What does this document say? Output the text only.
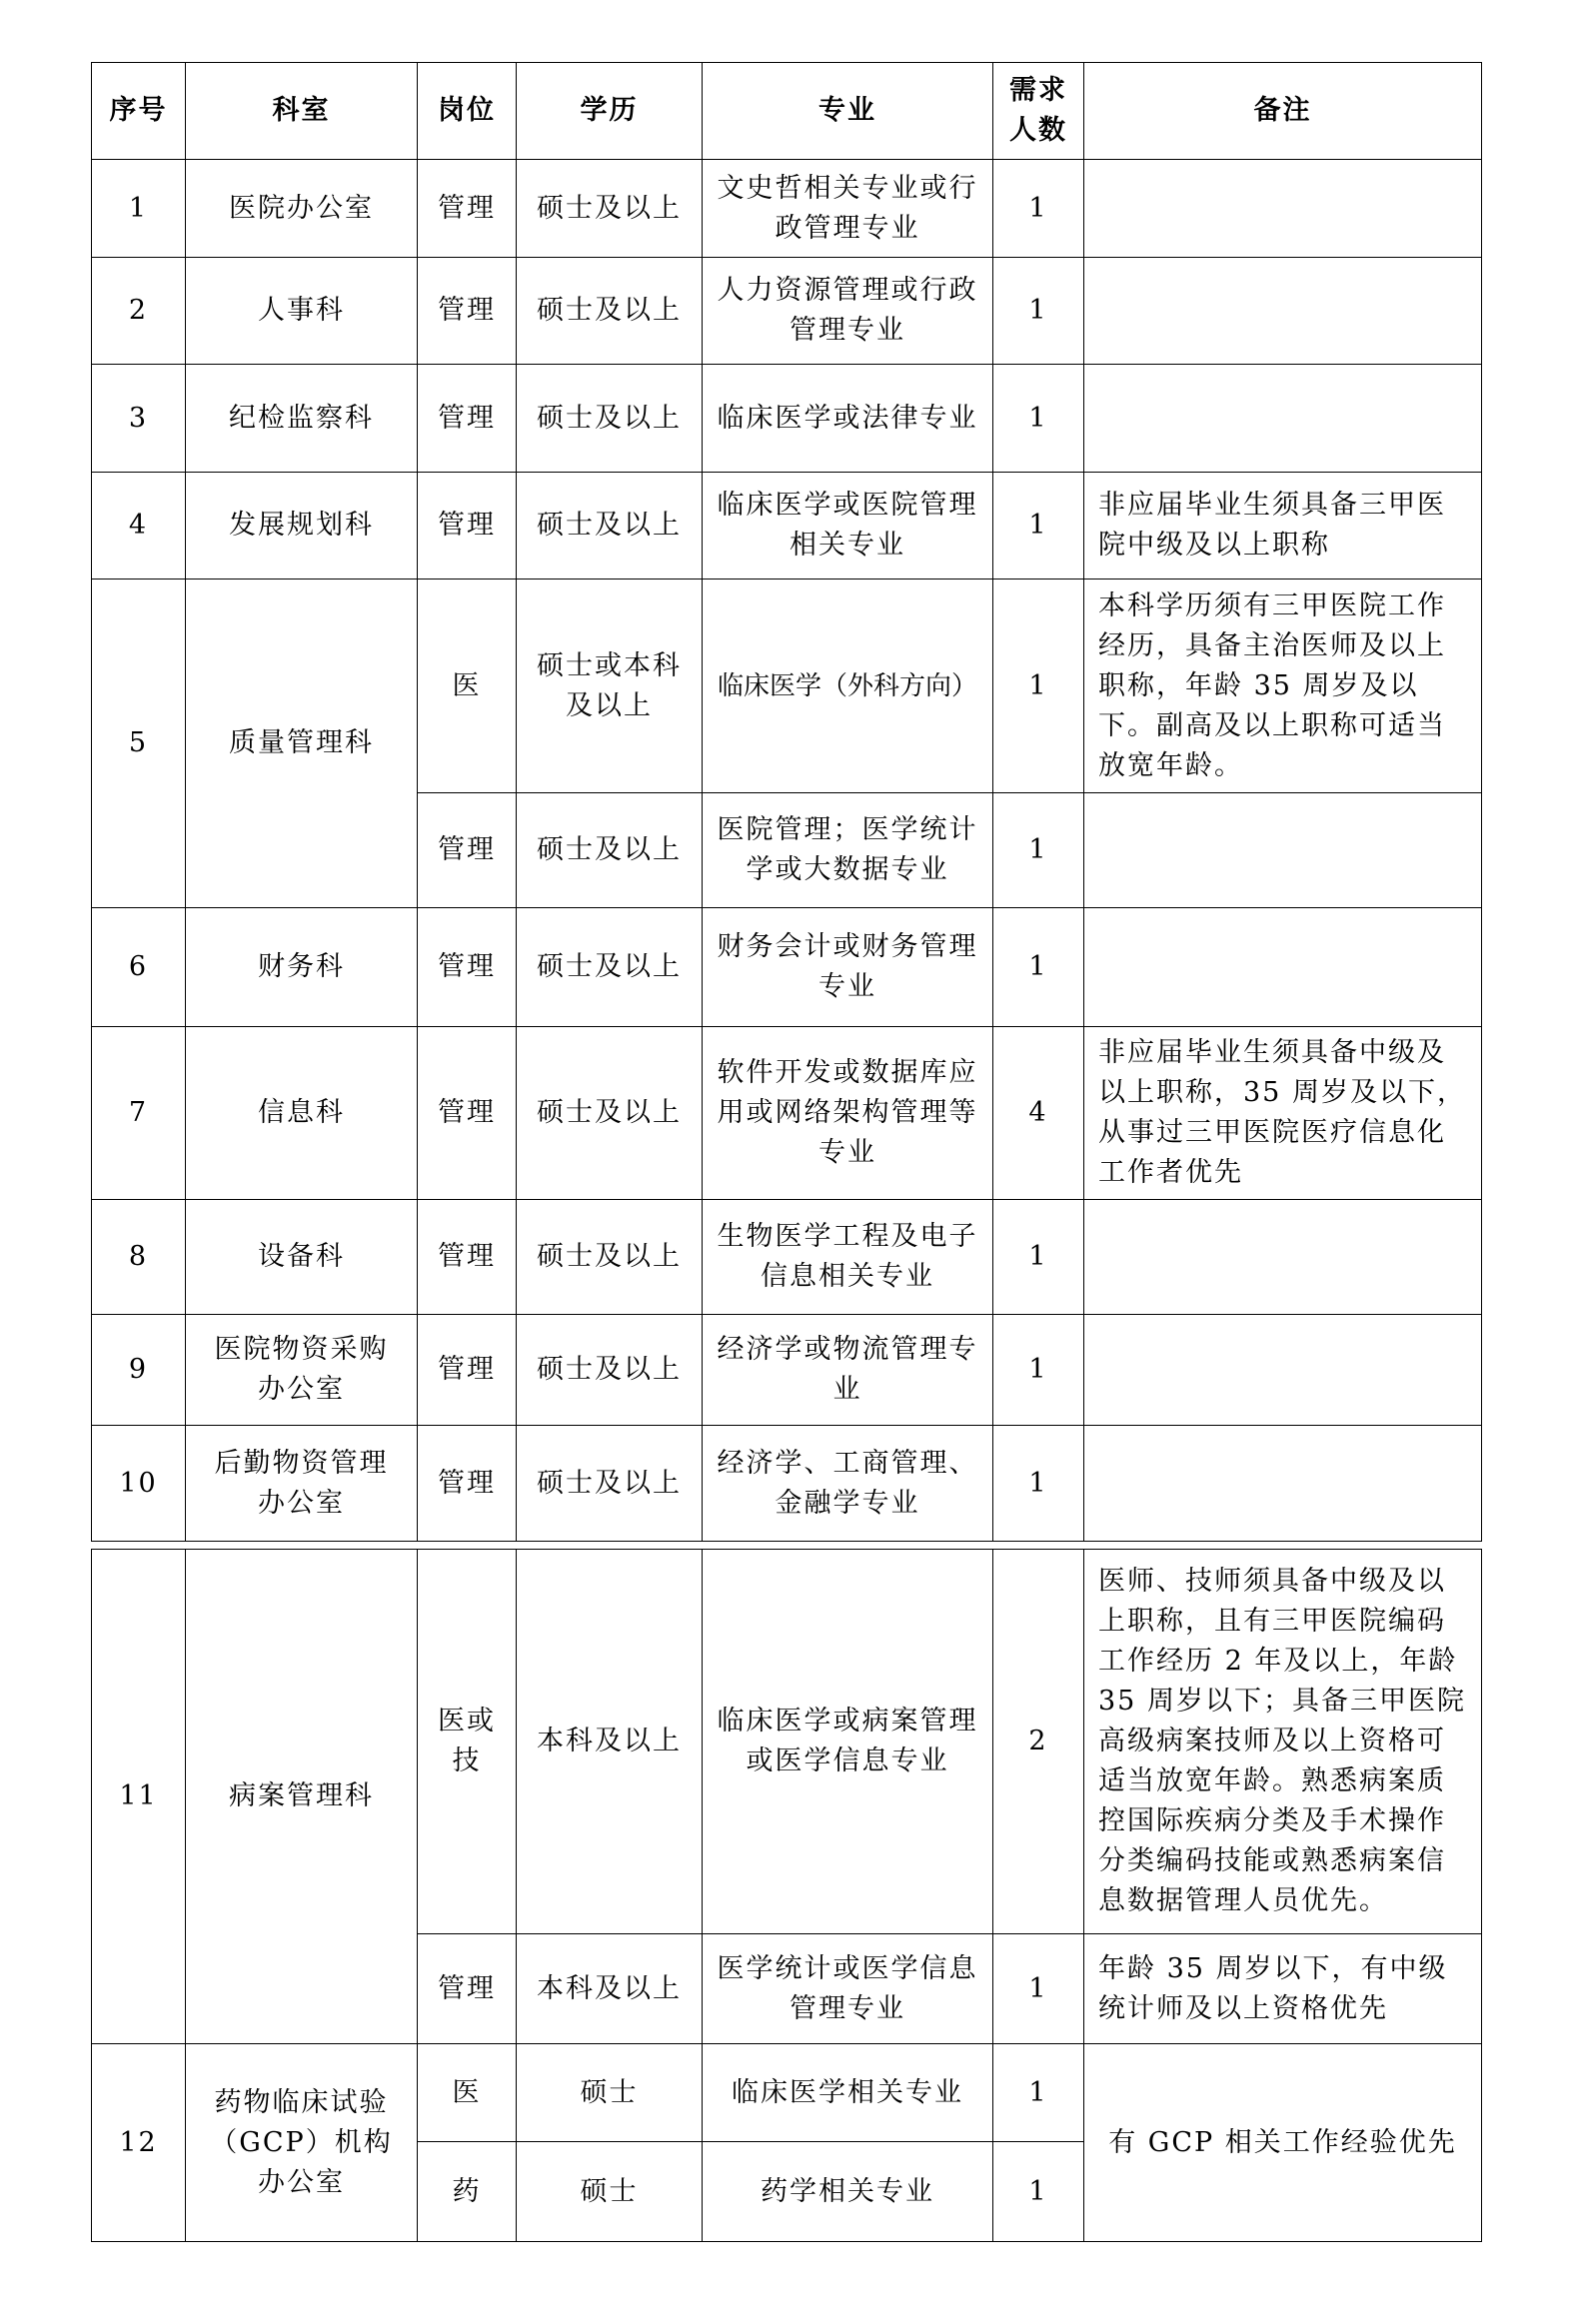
序号	科室	岗位	学历	专业	需求人数	备注
1	医院办公室	管理	硕士及以上	文史哲相关专业或行政管理专业	1	
2	人事科	管理	硕士及以上	人力资源管理或行政管理专业	1	
3	纪检监察科	管理	硕士及以上	临床医学或法律专业	1	
4	发展规划科	管理	硕士及以上	临床医学或医院管理相关专业	1	非应届毕业生须具备三甲医院中级及以上职称
5	质量管理科	医	硕士或本科及以上	临床医学（外科方向）	1	本科学历须有三甲医院工作经历，具备主治医师及以上职称，年龄 35 周岁及以下。副高及以上职称可适当放宽年龄。
		管理	硕士及以上	医院管理；医学统计学或大数据专业	1	
6	财务科	管理	硕士及以上	财务会计或财务管理专业	1	
7	信息科	管理	硕士及以上	软件开发或数据库应用或网络架构管理等专业	4	非应届毕业生须具备中级及以上职称，35 周岁及以下，从事过三甲医院医疗信息化工作者优先
8	设备科	管理	硕士及以上	生物医学工程及电子信息相关专业	1	
9	医院物资采购办公室	管理	硕士及以上	经济学或物流管理专业	1	
10	后勤物资管理办公室	管理	硕士及以上	经济学、工商管理、金融学专业	1	
11	病案管理科	医或技	本科及以上	临床医学或病案管理或医学信息专业	2	医师、技师须具备中级及以上职称，且有三甲医院编码工作经历 2 年及以上，年龄 35 周岁以下；具备三甲医院高级病案技师及以上资格可适当放宽年龄。熟悉病案质控国际疾病分类及手术操作分类编码技能或熟悉病案信息数据管理人员优先。
		管理	本科及以上	医学统计或医学信息管理专业	1	年龄 35 周岁以下，有中级统计师及以上资格优先
12	药物临床试验（GCP）机构办公室	医	硕士	临床医学相关专业	1	有 GCP 相关工作经验优先
		药	硕士	药学相关专业	1	
